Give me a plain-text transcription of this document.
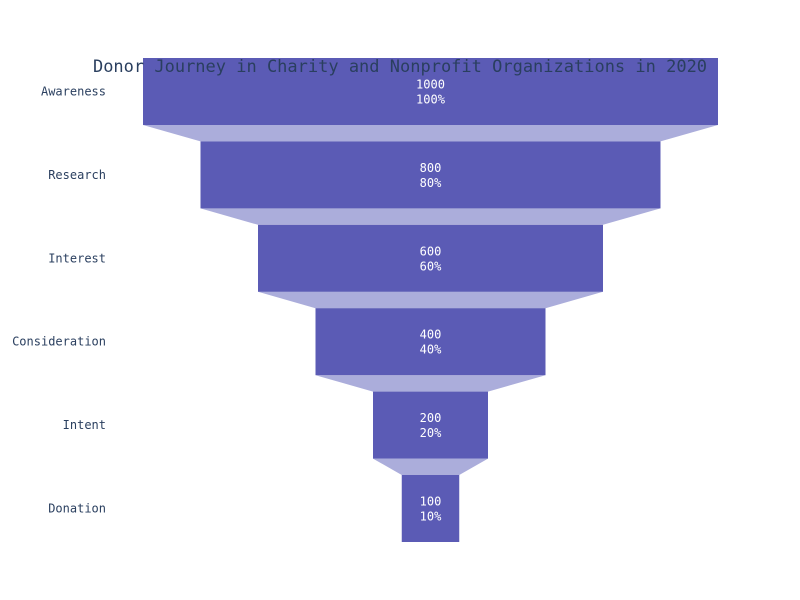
Awareness
Research
Interest
Consideration
Intent
Donation
1000
100%
800
80%
600
60%
400
40%
200
20%
100
10%
Donor Journey in Charity and Nonprofit Organizations in 2020
